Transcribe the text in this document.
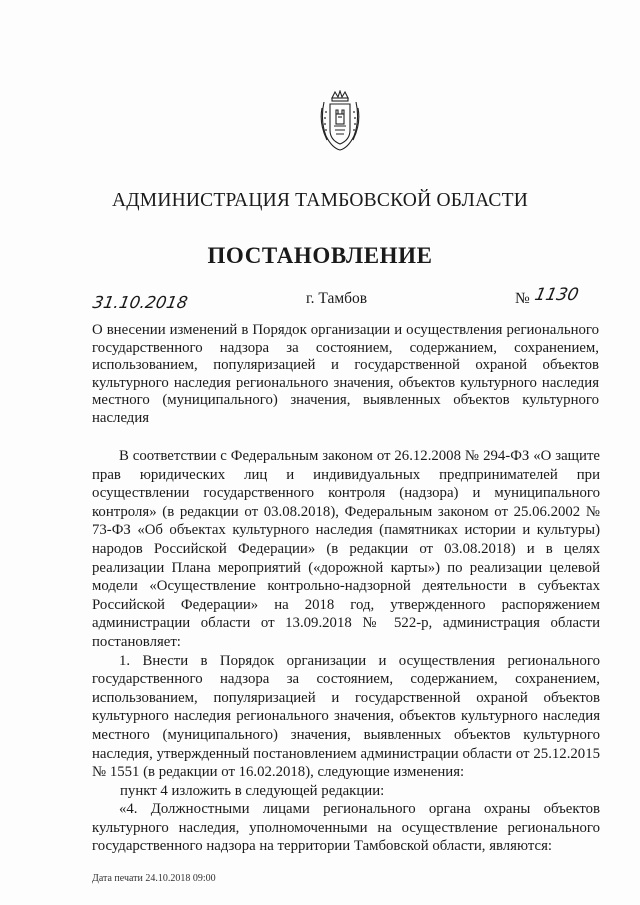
АДМИНИСТРАЦИЯ ТАМБОВСКОЙ ОБЛАСТИ
ПОСТАНОВЛЕНИЕ
31.10.2018	г. Тамбов	№ 1130
О внесении изменений в Порядок организации и осуществления регионального государственного надзора за состоянием, содержанием, сохранением, использованием, популяризацией и государственной охраной объектов культурного наследия регионального значения, объектов культурного наследия местного (муниципального) значения, выявленных объектов культурного наследия

В соответствии с Федеральным законом от 26.12.2008 № 294-ФЗ «О защите прав юридических лиц и индивидуальных предпринимателей при осуществлении государственного контроля (надзора) и муниципального контроля» (в редакции от 03.08.2018), Федеральным законом от 25.06.2002 № 73-ФЗ «Об объектах культурного наследия (памятниках истории и культуры) народов Российской Федерации» (в редакции от 03.08.2018) и в целях реализации Плана мероприятий («дорожной карты») по реализации целевой модели «Осуществление контрольно-надзорной деятельности в субъектах Российской Федерации» на 2018 год, утвержденного распоряжением администрации области от 13.09.2018 № 522-р, администрация области постановляет:

1. Внести в Порядок организации и осуществления регионального государственного надзора за состоянием, содержанием, сохранением, использованием, популяризацией и государственной охраной объектов культурного наследия регионального значения, объектов культурного наследия местного (муниципального) значения, выявленных объектов культурного наследия, утвержденный постановлением администрации области от 25.12.2015 № 1551 (в редакции от 16.02.2018), следующие изменения:

пункт 4 изложить в следующей редакции:

«4. Должностными лицами регионального органа охраны объектов культурного наследия, уполномоченными на осуществление регионального государственного надзора на территории Тамбовской области, являются:

Дата печати 24.10.2018 09:00
